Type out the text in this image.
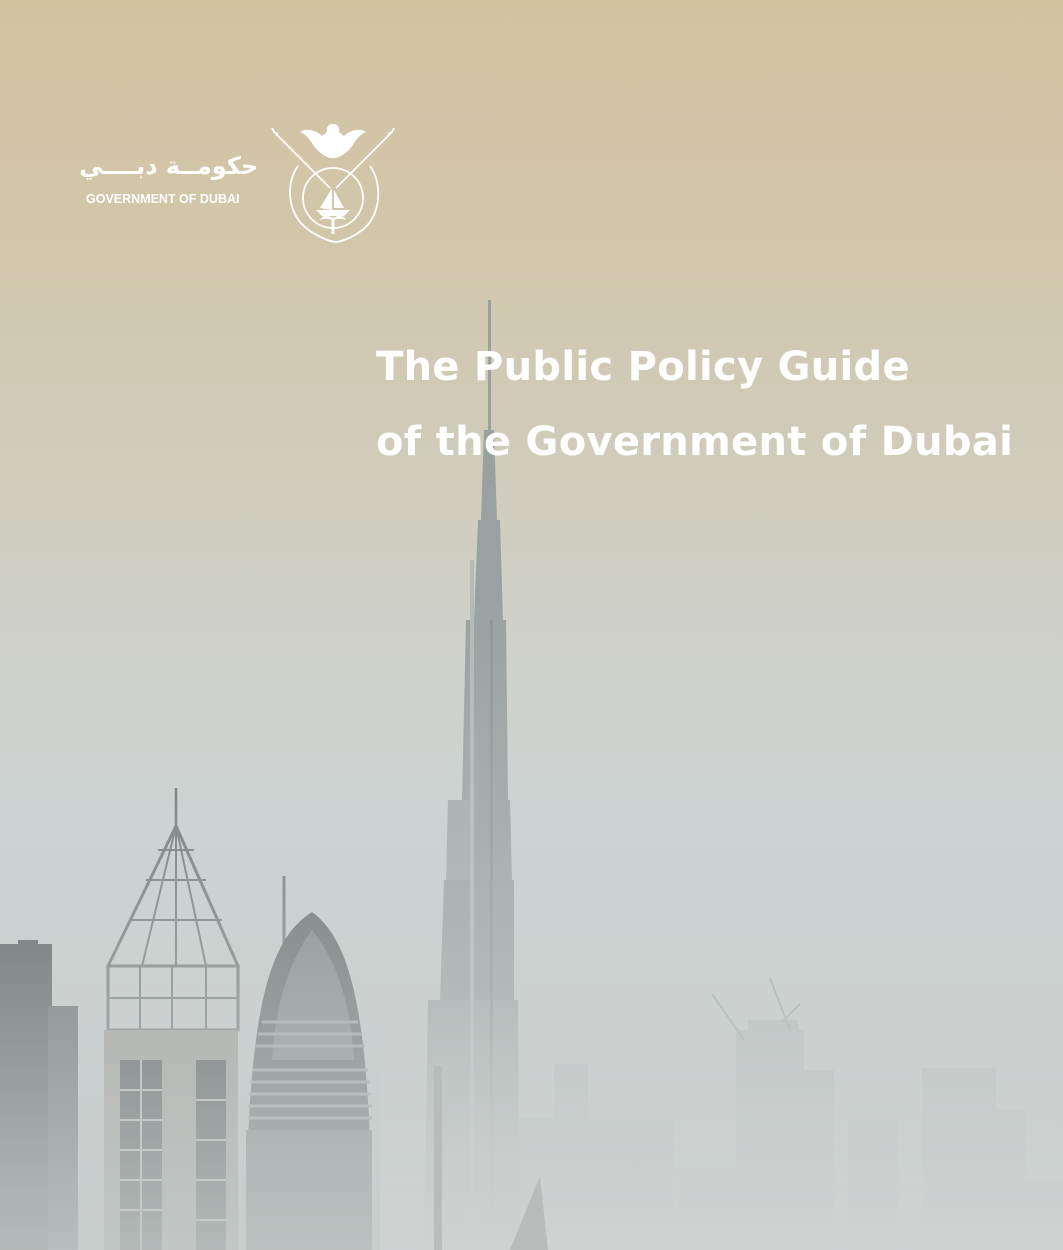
حكومــة دبــــي

GOVERNMENT OF DUBAI

The Public Policy Guide
of the Government of Dubai
